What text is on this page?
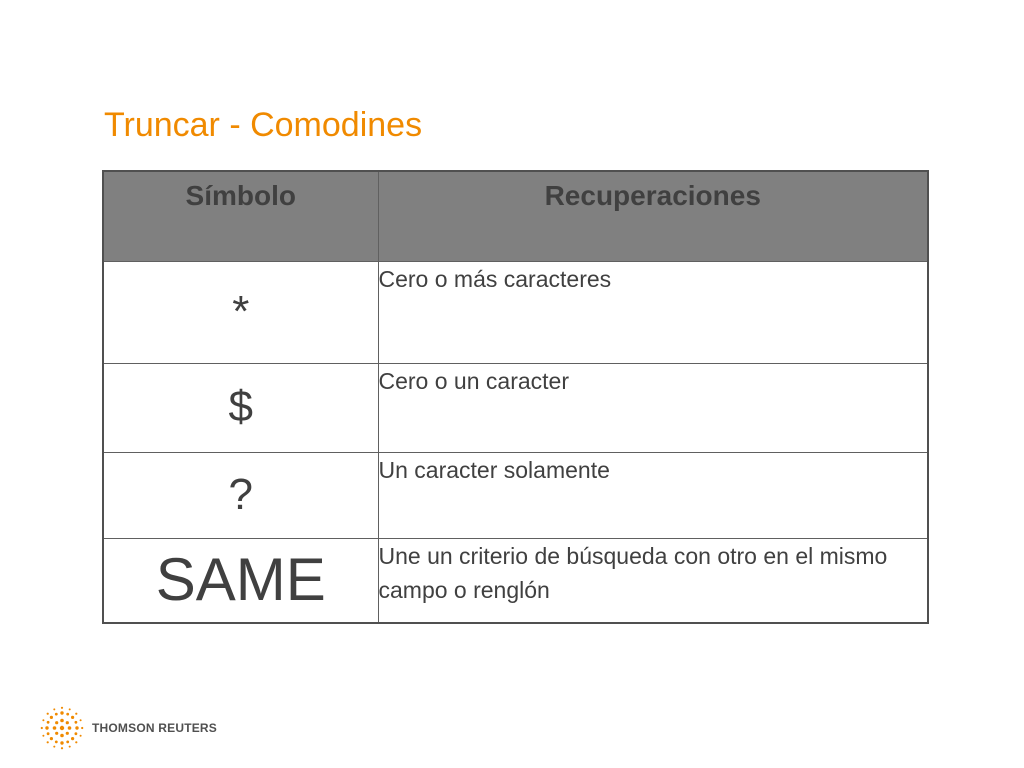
Truncar - Comodines
Símbolo	Recuperaciones
*	Cero o más caracteres
$	Cero o un caracter
?	Un caracter solamente
SAME	Une un criterio de búsqueda con otro en el mismo campo o renglón
THOMSON REUTERS
